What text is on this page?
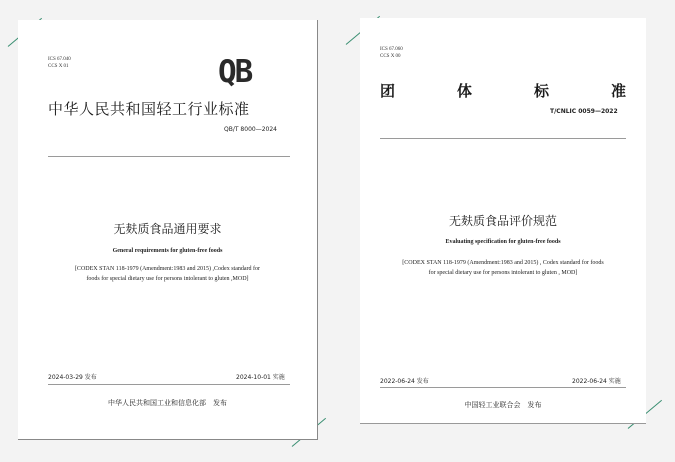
ICS 67.040
CCS X 01	QB
中华人民共和国轻工行业标准
QB/T 8000—2024
无麸质食品通用要求
General requirements for gluten-free foods
[CODEX STAN 118-1979 (Amendment:1983 and 2015) ,Codex standard for
foods for special dietary use for persons intolerant to gluten ,MOD]
2024-03-29 发布	2024-10-01 实施
中华人民共和国工业和信息化部　发布
ICS 67.060
CCS X 00
团	体	标	准
T/CNLIC 0059—2022
无麸质食品评价规范
Evaluating specification for gluten-free foods
[CODEX STAN 118-1979 (Amendment:1983 and 2015) , Codex standard for foods
for special dietary use for persons intolerant to gluten , MOD]
2022-06-24 发布	2022-06-24 实施
中国轻工业联合会　发布
